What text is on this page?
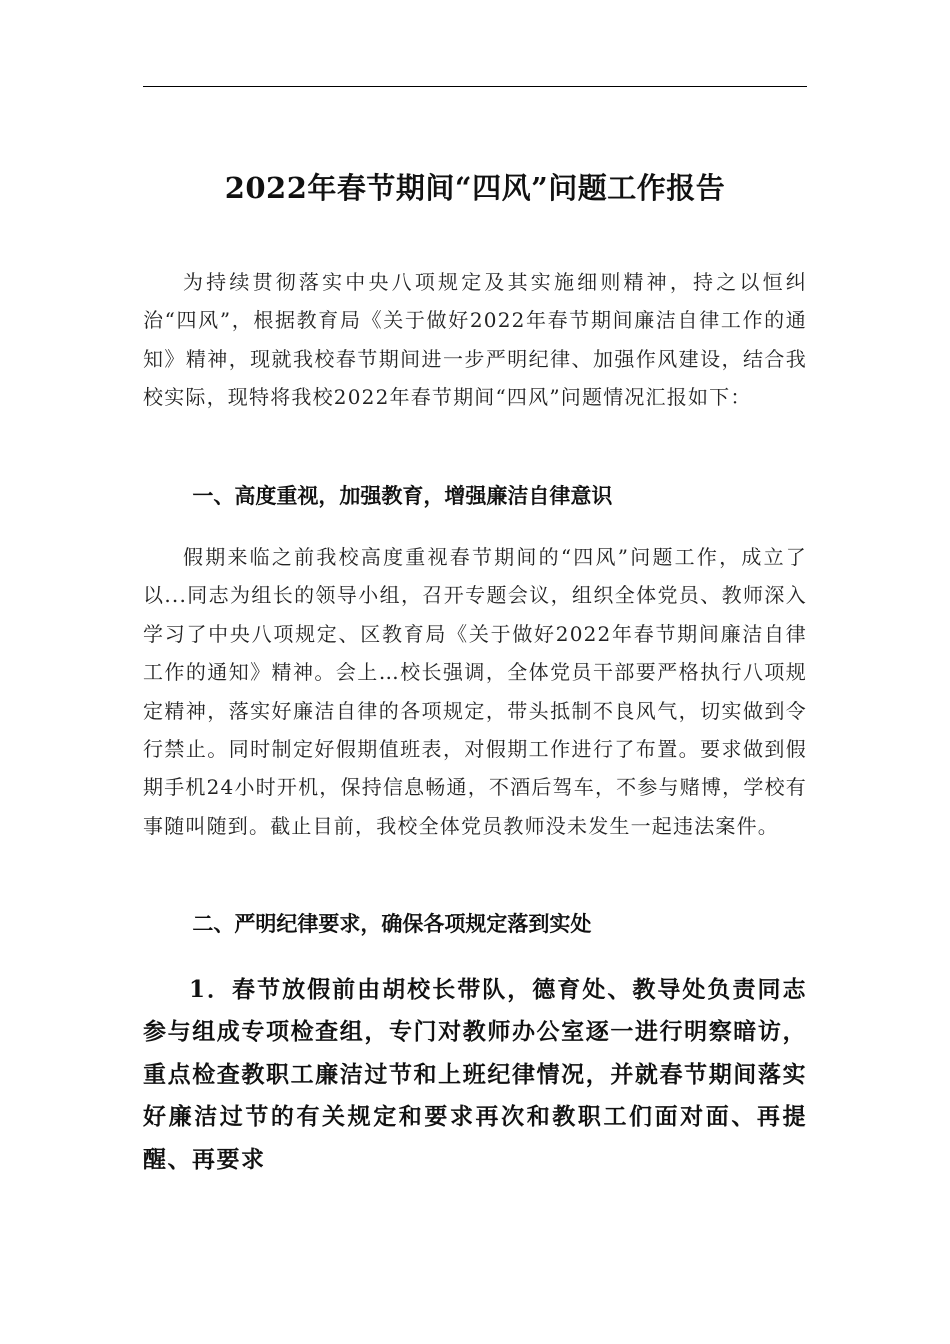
2022年春节期间“四风”问题工作报告

为持续贯彻落实中央八项规定及其实施细则精神，持之以恒纠治“四风”，根据教育局《关于做好2022年春节期间廉洁自律工作的通知》精神，现就我校春节期间进一步严明纪律、加强作风建设，结合我校实际，现特将我校2022年春节期间“四风”问题情况汇报如下：

一、高度重视，加强教育，增强廉洁自律意识

假期来临之前我校高度重视春节期间的“四风”问题工作，成立了以...同志为组长的领导小组，召开专题会议，组织全体党员、教师深入学习了中央八项规定、区教育局《关于做好2022年春节期间廉洁自律工作的通知》精神。会上…校长强调，全体党员干部要严格执行八项规定精神，落实好廉洁自律的各项规定，带头抵制不良风气，切实做到令行禁止。同时制定好假期值班表，对假期工作进行了布置。要求做到假期手机24小时开机，保持信息畅通，不酒后驾车，不参与赌博，学校有事随叫随到。截止目前，我校全体党员教师没未发生一起违法案件。

二、严明纪律要求，确保各项规定落到实处

1．春节放假前由胡校长带队，德育处、教导处负责同志参与组成专项检查组，专门对教师办公室逐一进行明察暗访，重点检查教职工廉洁过节和上班纪律情况，并就春节期间落实好廉洁过节的有关规定和要求再次和教职工们面对面、再提醒、再要求
